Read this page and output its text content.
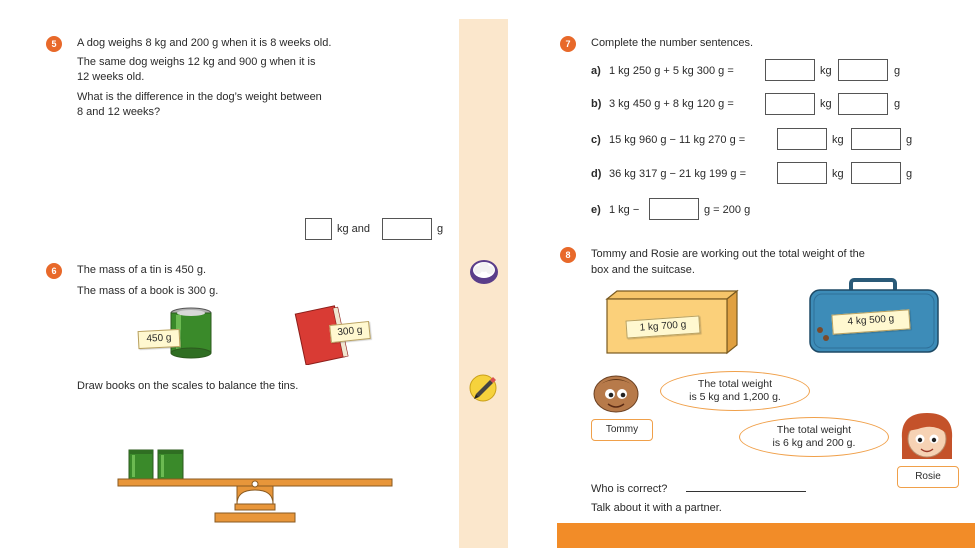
5	A dog weighs 8 kg and 200 g when it is 8 weeks old.
The same dog weighs 12 kg and 900 g when it is
12 weeks old.
What is the difference in the dog’s weight between
8 and 12 weeks?
kg and	g
6	The mass of a tin is 450 g.
The mass of a book is 300 g.
450 g
300 g
Draw books on the scales to balance the tins.
7	Complete the number sentences.
a) 1 kg 250 g + 5 kg 300 g =	kg	g
b) 3 kg 450 g + 8 kg 120 g =	kg	g
c) 15 kg 960 g − 11 kg 270 g =	kg	g
d) 36 kg 317 g − 21 kg 199 g =	kg	g
e) 1 kg −	g = 200 g
8	Tommy and Rosie are working out the total weight of the
box and the suitcase.
1 kg 700 g	4 kg 500 g
The total weight
is 5 kg and 1,200 g.
Tommy	The total weight
is 6 kg and 200 g.
Rosie
Who is correct?
Talk about it with a partner.
